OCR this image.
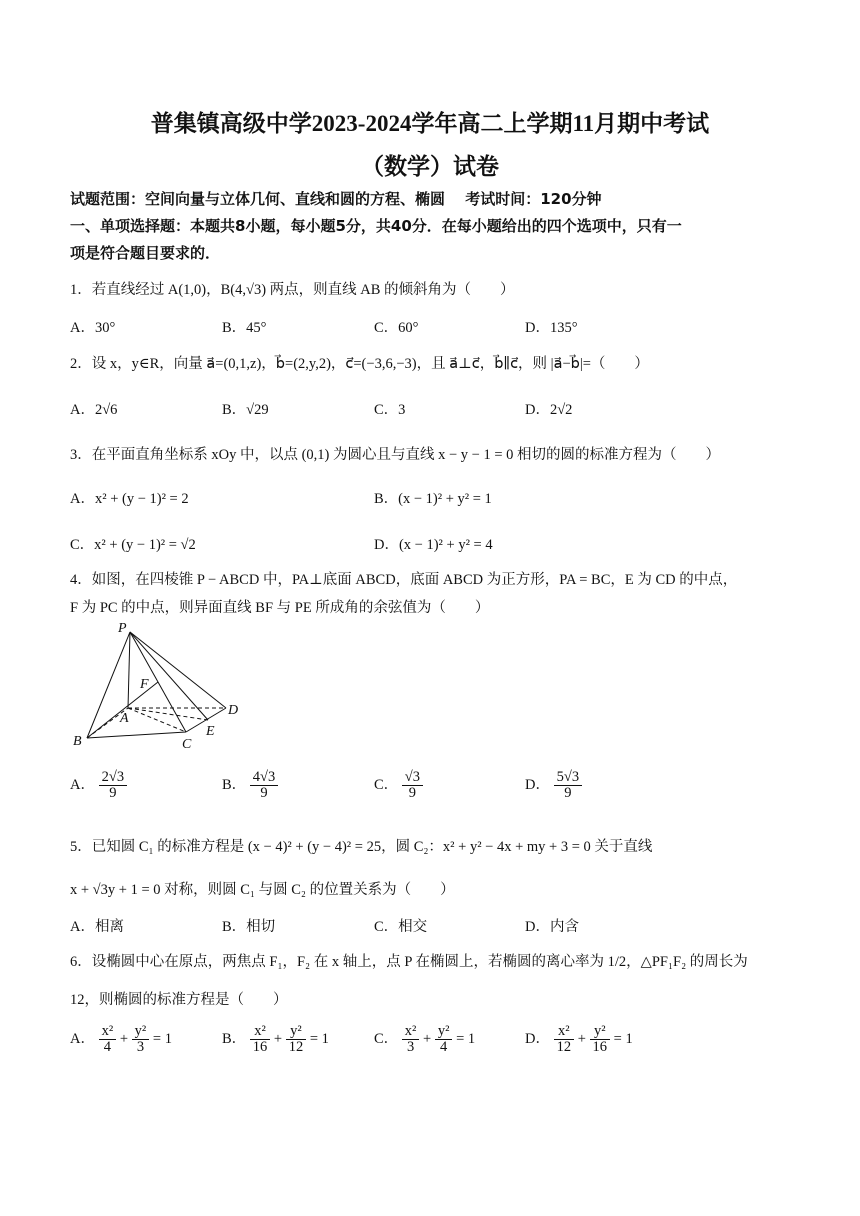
普集镇高级中学2023-2024学年高二上学期11月期中考试
（数学）试卷
试题范围：空间向量与立体几何、直线和圆的方程、椭圆　 考试时间：120分钟
一、单项选择题：本题共8小题，每小题5分，共40分．在每小题给出的四个选项中，只有一
项是符合题目要求的．
1．若直线经过 A(1,0)，B(4,√3) 两点，则直线 AB 的倾斜角为（　　）
A．30°	B．45°	C．60°	D．135°
2．设 x，y∈R，向量 a⃗=(0,1,z)，b⃗=(2,y,2)，c⃗=(−3,6,−3)，且 a⃗⊥c⃗，b⃗∥c⃗，则 |a⃗−b⃗|=（　　）
A．2√6	B．√29	C．3	D．2√2
3．在平面直角坐标系 xOy 中，以点 (0,1) 为圆心且与直线 x − y − 1 = 0 相切的圆的标准方程为（　　）
A．x² + (y − 1)² = 2	B．(x − 1)² + y² = 1
C．x² + (y − 1)² = √2	D．(x − 1)² + y² = 4
4．如图，在四棱锥 P − ABCD 中，PA⊥底面 ABCD，底面 ABCD 为正方形，PA = BC，E 为 CD 的中点，
F 为 PC 的中点，则异面直线 BF 与 PE 所成角的余弦值为（　　）
P
F
A
D
E
B	C
A． $\frac{2√3}{9}$	B． $\frac{4√3}{9}$	C． $\frac{√3}{9}$	D． $\frac{5√3}{9}$
5．已知圆 C₁ 的标准方程是 (x − 4)² + (y − 4)² = 25，圆 C₂：x² + y² − 4x + my + 3 = 0 关于直线
x + √3y + 1 = 0 对称，则圆 C₁ 与圆 C₂ 的位置关系为（　　）
A．相离	B．相切	C．相交	D．内含
6．设椭圆中心在原点，两焦点 F₁，F₂ 在 x 轴上，点 P 在椭圆上，若椭圆的离心率为 1/2，△PF₁F₂ 的周长为
12，则椭圆的标准方程是（　　）
A． $\frac{\text{x²}}{4} + \frac{\text{y²}}{3} = 1$	B． $\frac{\text{x²}}{16} + \frac{\text{y²}}{12} = 1$	C． $\frac{\text{x²}}{3} + \frac{\text{y²}}{4} = 1$	D． $\frac{\text{x²}}{12} + \frac{\text{y²}}{16} = 1$
